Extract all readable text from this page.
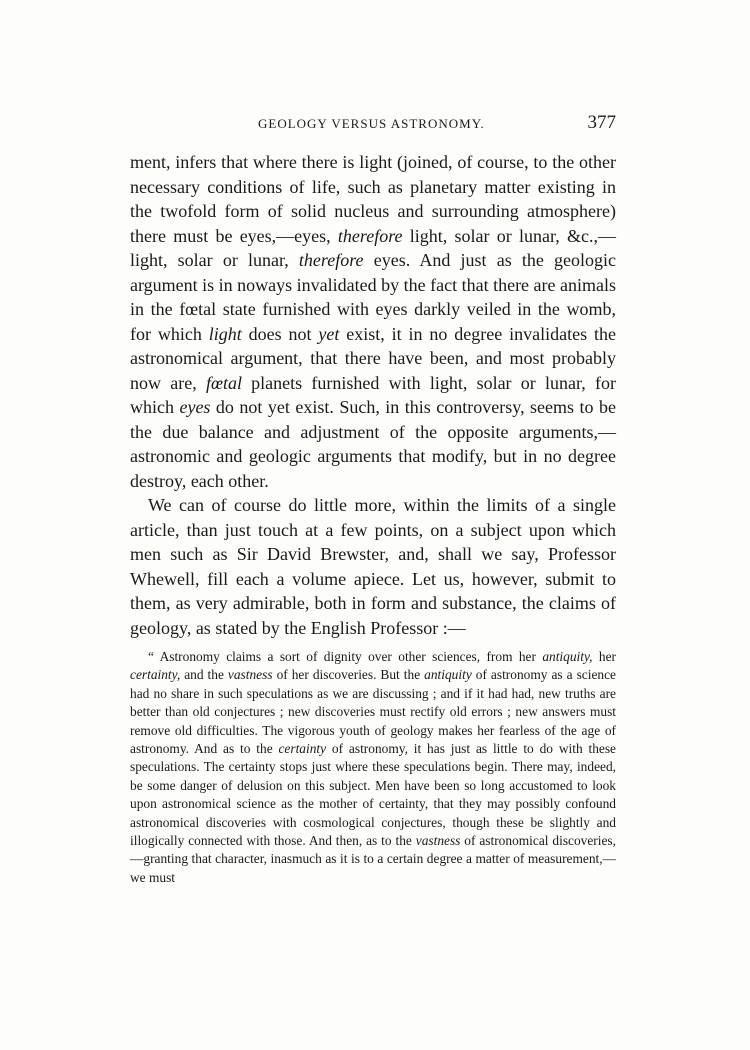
GEOLOGY VERSUS ASTRONOMY.	377

ment, infers that where there is light (joined, of course, to the other necessary conditions of life, such as planetary matter existing in the twofold form of solid nucleus and surrounding atmosphere) there must be eyes,—eyes, therefore light, solar or lunar, &c.,—light, solar or lunar, therefore eyes. And just as the geologic argument is in noways invalidated by the fact that there are animals in the fœtal state furnished with eyes darkly veiled in the womb, for which light does not yet exist, it in no degree invalidates the astronomical argument, that there have been, and most probably now are, fœtal planets furnished with light, solar or lunar, for which eyes do not yet exist. Such, in this controversy, seems to be the due balance and adjustment of the opposite arguments,—astronomic and geologic arguments that modify, but in no degree destroy, each other.

We can of course do little more, within the limits of a single article, than just touch at a few points, on a subject upon which men such as Sir David Brewster, and, shall we say, Professor Whewell, fill each a volume apiece. Let us, however, submit to them, as very admirable, both in form and substance, the claims of geology, as stated by the English Professor :—

“ Astronomy claims a sort of dignity over other sciences, from her antiquity, her certainty, and the vastness of her discoveries. But the antiquity of astronomy as a science had no share in such speculations as we are discussing ; and if it had had, new truths are better than old conjectures ; new discoveries must rectify old errors ; new answers must remove old difficulties. The vigorous youth of geology makes her fearless of the age of astronomy. And as to the certainty of astronomy, it has just as little to do with these speculations. The certainty stops just where these speculations begin. There may, indeed, be some danger of delusion on this subject. Men have been so long accustomed to look upon astronomical science as the mother of certainty, that they may possibly confound astronomical discoveries with cosmological conjectures, though these be slightly and illogically connected with those. And then, as to the vastness of astronomical discoveries,—granting that character, inasmuch as it is to a certain degree a matter of measurement,—we must
